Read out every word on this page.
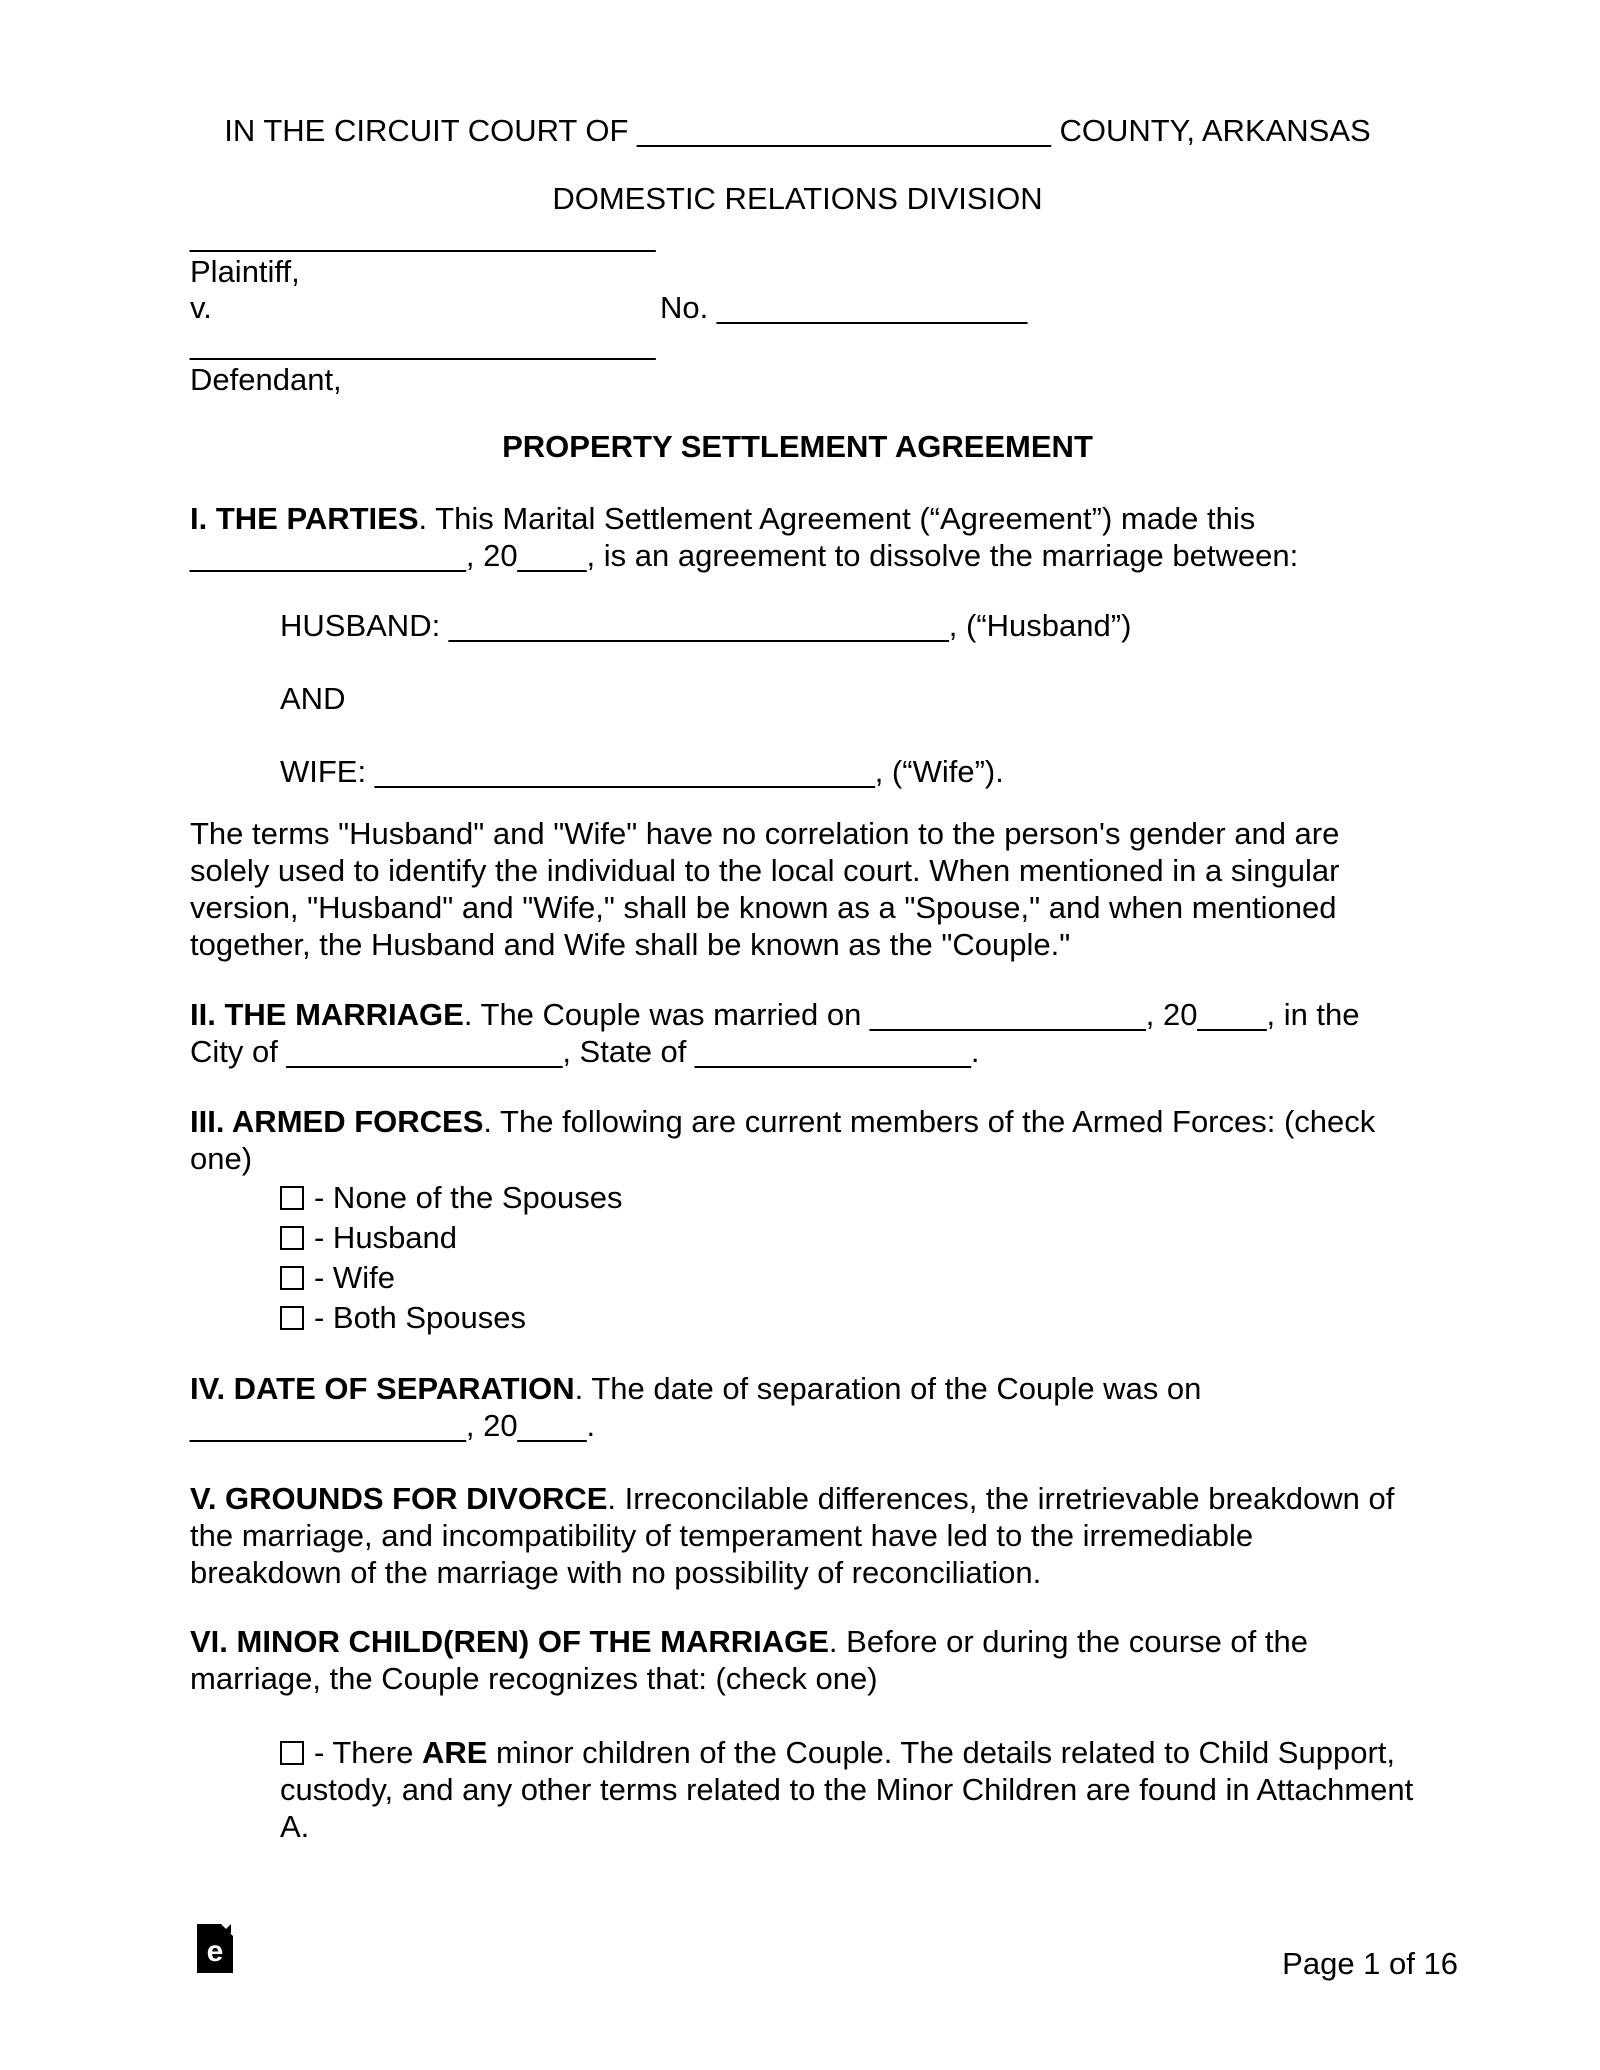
IN THE CIRCUIT COURT OF ________________________ COUNTY, ARKANSAS
DOMESTIC RELATIONS DIVISION
___________________________
Plaintiff,
v.	No. __________________
___________________________
Defendant,
PROPERTY SETTLEMENT AGREEMENT
I. THE PARTIES. This Marital Settlement Agreement (“Agreement”) made this ________________, 20____, is an agreement to dissolve the marriage between:
HUSBAND: _____________________________, (“Husband”)
AND
WIFE: _____________________________, (“Wife”).
The terms "Husband" and "Wife" have no correlation to the person's gender and are solely used to identify the individual to the local court. When mentioned in a singular version, "Husband" and "Wife," shall be known as a "Spouse," and when mentioned together, the Husband and Wife shall be known as the "Couple."
II. THE MARRIAGE. The Couple was married on ________________, 20____, in the City of ________________, State of ________________.
III. ARMED FORCES. The following are current members of the Armed Forces: (check one)
- None of the Spouses
- Husband
- Wife
- Both Spouses
IV. DATE OF SEPARATION. The date of separation of the Couple was on ________________, 20____.
V. GROUNDS FOR DIVORCE. Irreconcilable differences, the irretrievable breakdown of the marriage, and incompatibility of temperament have led to the irremediable breakdown of the marriage with no possibility of reconciliation.
VI. MINOR CHILD(REN) OF THE MARRIAGE. Before or during the course of the marriage, the Couple recognizes that: (check one)
- There ARE minor children of the Couple. The details related to Child Support, custody, and any other terms related to the Minor Children are found in Attachment A.
e	Page 1 of 16
